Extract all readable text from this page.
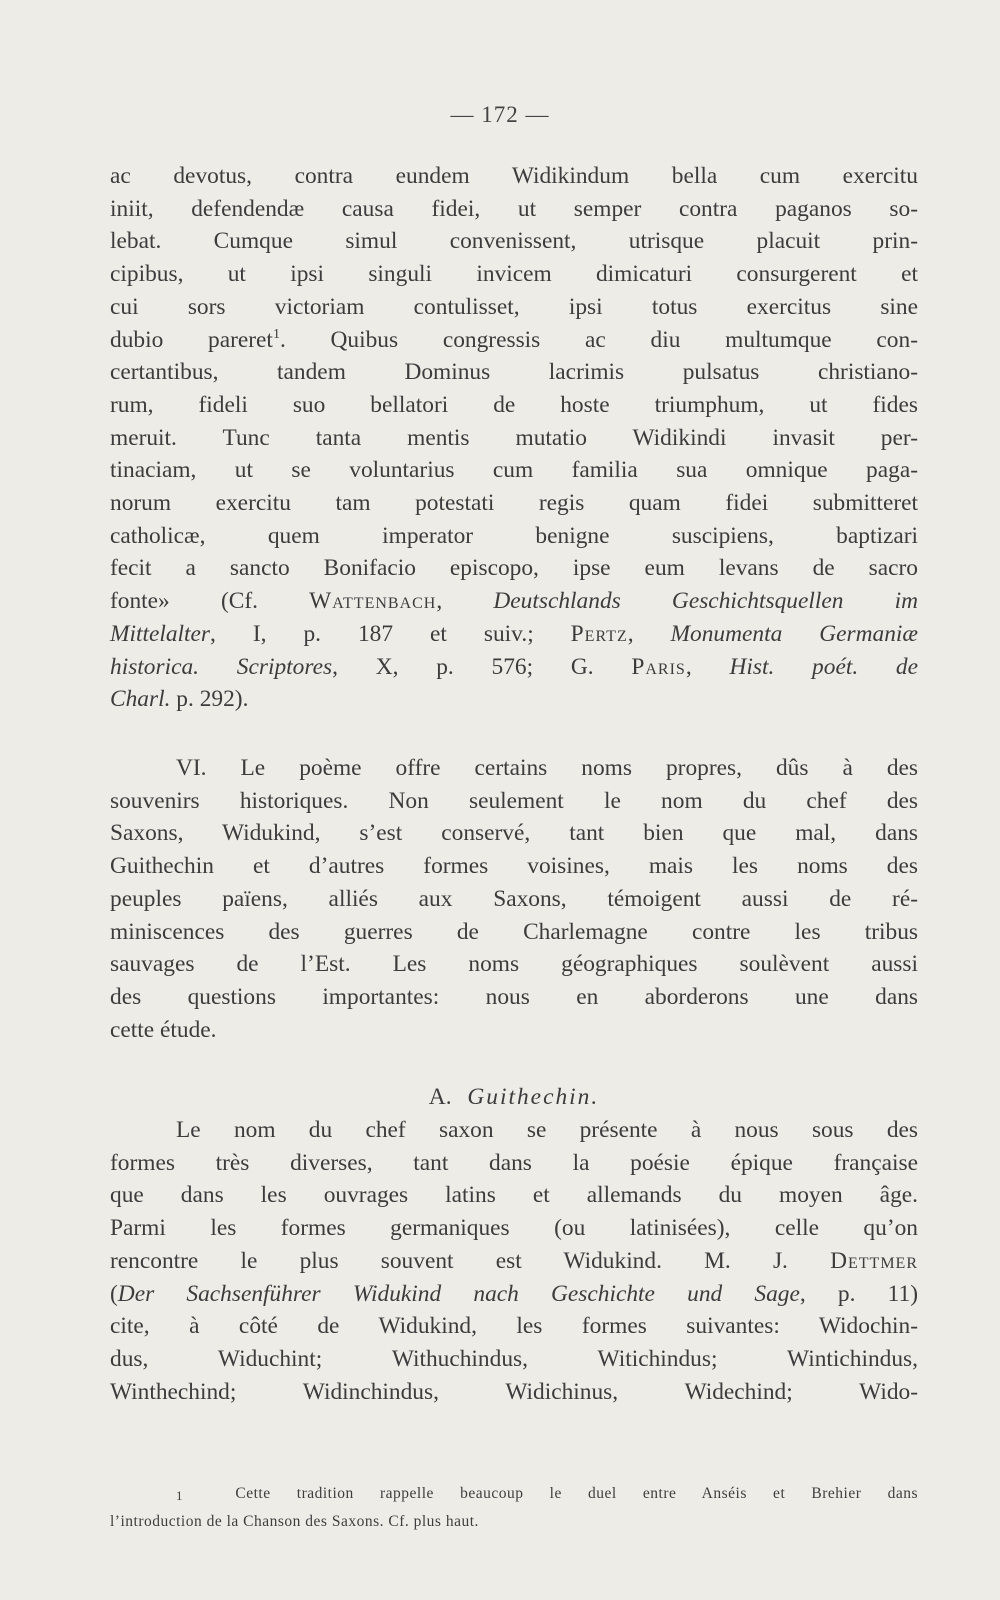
— 172 —
ac devotus, contra eundem Widikindum bella cum exercitu
iniit, defendendæ causa fidei, ut semper contra paganos so-
lebat. Cumque simul convenissent, utrisque placuit prin-
cipibus, ut ipsi singuli invicem dimicaturi consurgerent et
cui sors victoriam contulisset, ipsi totus exercitus sine
dubio pareret$^1$. Quibus congressis ac diu multumque con-
certantibus, tandem Dominus lacrimis pulsatus christiano-
rum, fideli suo bellatori de hoste triumphum, ut fides
meruit. Tunc tanta mentis mutatio Widikindi invasit per-
tinaciam, ut se voluntarius cum familia sua omnique paga-
norum exercitu tam potestati regis quam fidei submitteret
catholicæ, quem imperator benigne suscipiens, baptizari
fecit a sancto Bonifacio episcopo, ipse eum levans de sacro
fonte» (Cf. Wattenbach, Deutschlands Geschichtsquellen im
Mittelalter, I, p. 187 et suiv.; Pertz, Monumenta Germaniæ
historica. Scriptores, X, p. 576; G. Paris, Hist. poét. de
Charl. p. 292).
VI. Le poème offre certains noms propres, dûs à des
souvenirs historiques. Non seulement le nom du chef des
Saxons, Widukind, s’est conservé, tant bien que mal, dans
Guithechin et d’autres formes voisines, mais les noms des
peuples païens, alliés aux Saxons, témoigent aussi de ré-
miniscences des guerres de Charlemagne contre les tribus
sauvages de l’Est. Les noms géographiques soulèvent aussi
des questions importantes: nous en aborderons une dans
cette étude.
A. Guithechin.
Le nom du chef saxon se présente à nous sous des
formes très diverses, tant dans la poésie épique française
que dans les ouvrages latins et allemands du moyen âge.
Parmi les formes germaniques (ou latinisées), celle qu’on
rencontre le plus souvent est Widukind. M. J. Dettmer
(Der Sachsenführer Widukind nach Geschichte und Sage, p. 11)
cite, à côté de Widukind, les formes suivantes: Widochin-
dus, Widuchint; Withuchindus, Witichindus; Wintichindus,
Winthechind; Widinchindus, Widichinus, Widechind; Wido-
$^1$	Cette tradition rappelle beaucoup le duel entre Anséis et Brehier dans
l’introduction de la Chanson des Saxons. Cf. plus haut.
